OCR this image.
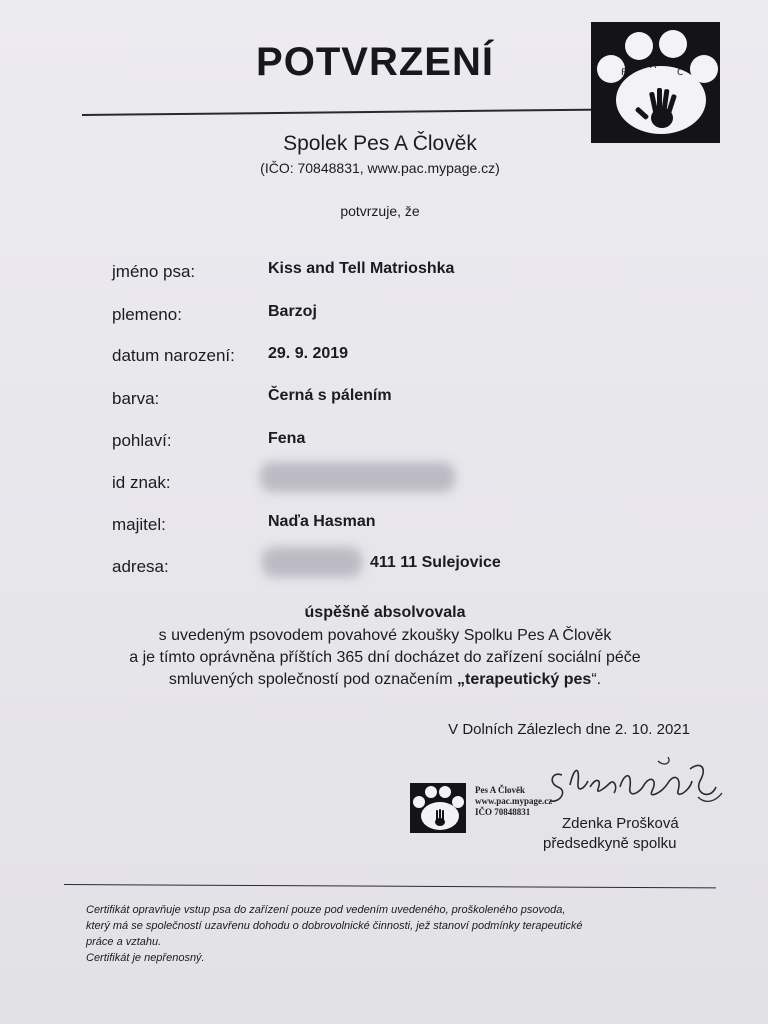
POTVRZENÍ	P
A
C
Spolek Pes A Člověk
(IČO: 70848831, www.pac.mypage.cz)
potvrzuje, že
jméno psa:	Kiss and Tell Matrioshka
plemeno:	Barzoj
datum narození: 29. 9. 2019
barva:	Černá s pálením
pohlaví:	Fena
id znak:
majitel:	Naďa Hasman
adresa:	411 11 Sulejovice
úspěšně absolvovala
s uvedeným psovodem povahové zkoušky Spolku Pes A Člověk
a je tímto oprávněna příštích 365 dní docházet do zařízení sociální péče
smluvených společností pod označením „terapeutický pes“.
V Dolních Zálezlech dne 2. 10. 2021
Pes A Člověk
www.pac.mypage.cz
IČO 70848831
Zdenka Prošková
předsedkyně spolku
Certifikát opravňuje vstup psa do zařízení pouze pod vedením uvedeného, proškoleného psovoda,
který má se společností uzavřenu dohodu o dobrovolnické činnosti, jež stanoví podmínky terapeutické
práce a vztahu.
Certifikát je nepřenosný.
